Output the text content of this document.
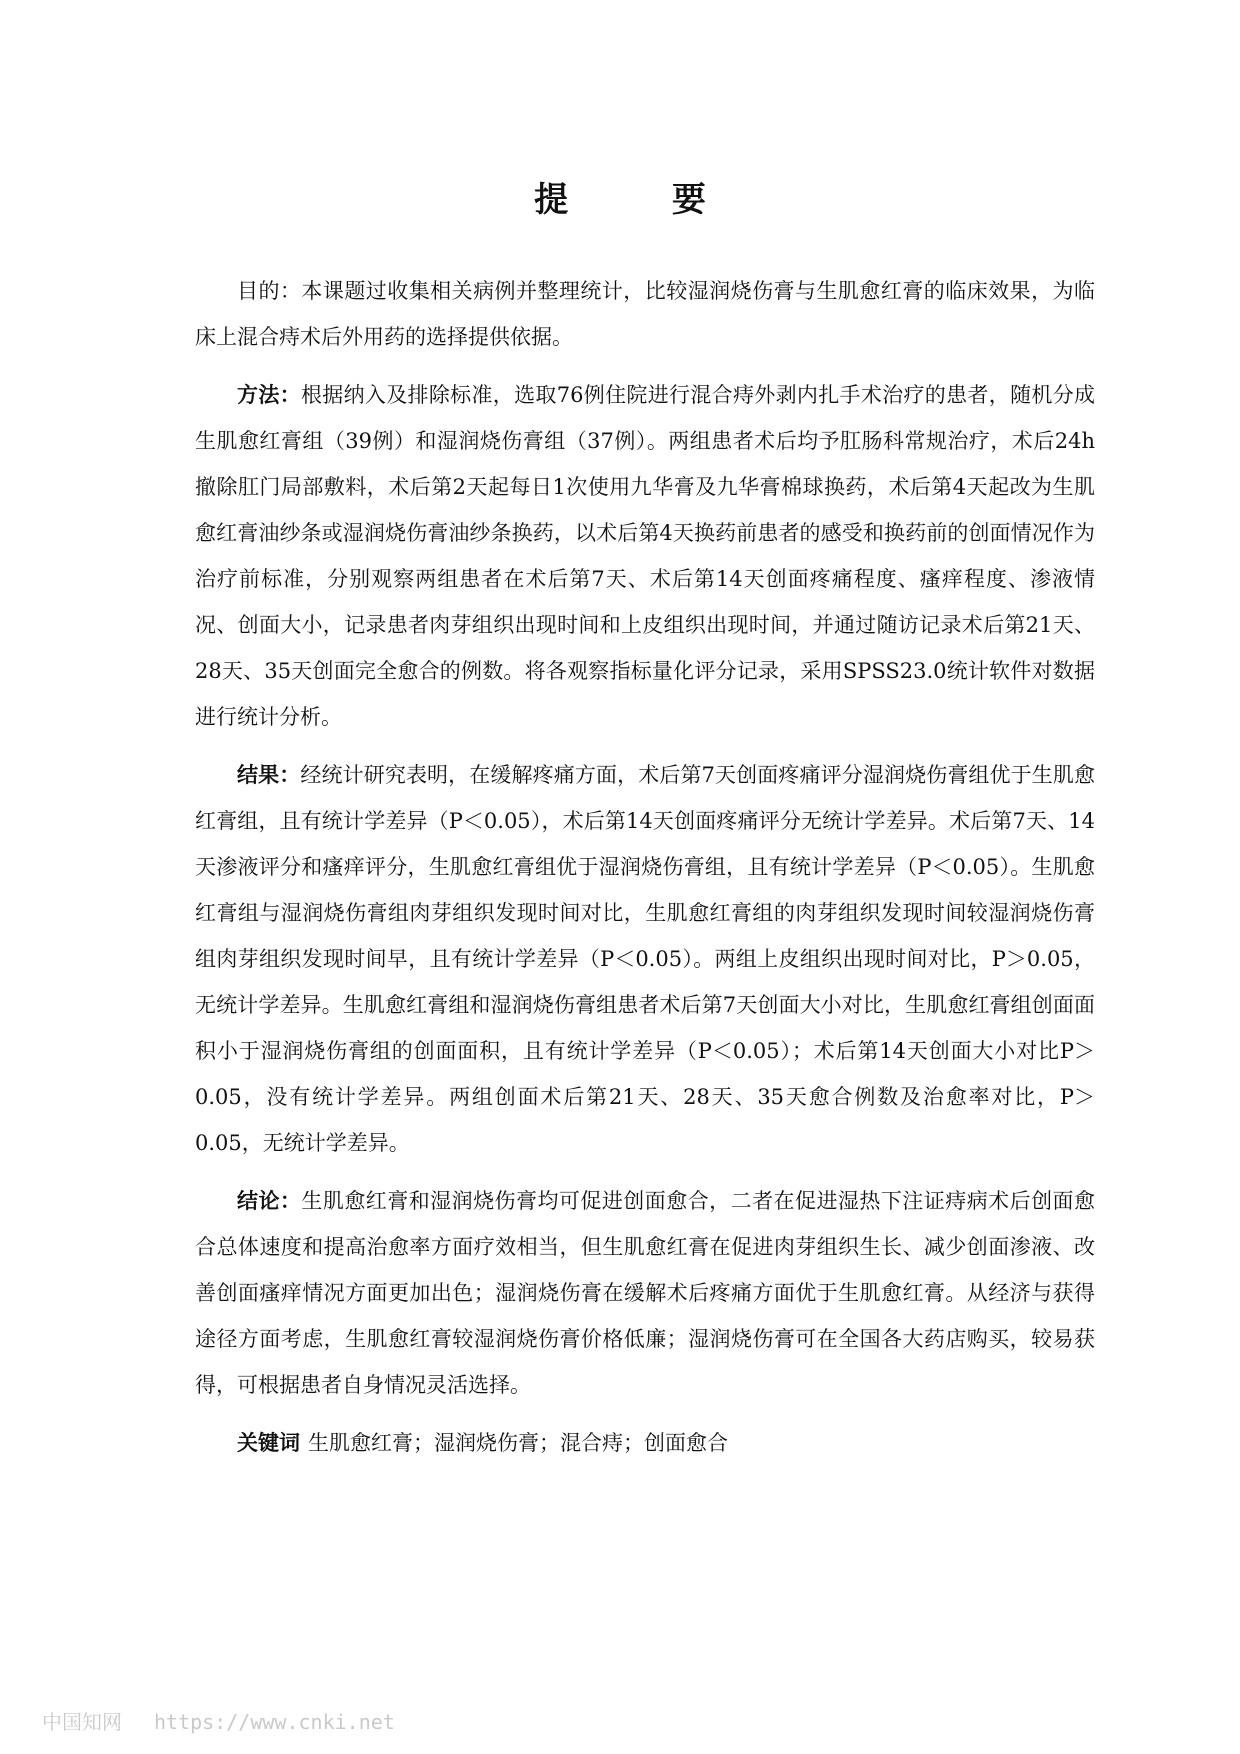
提 要

目的：本课题过收集相关病例并整理统计，比较湿润烧伤膏与生肌愈红膏的临床效果，为临床上混合痔术后外用药的选择提供依据。

方法：根据纳入及排除标准，选取76例住院进行混合痔外剥内扎手术治疗的患者，随机分成生肌愈红膏组（39例）和湿润烧伤膏组（37例）。两组患者术后均予肛肠科常规治疗，术后24h撤除肛门局部敷料，术后第2天起每日1次使用九华膏及九华膏棉球换药，术后第4天起改为生肌愈红膏油纱条或湿润烧伤膏油纱条换药，以术后第4天换药前患者的感受和换药前的创面情况作为治疗前标准，分别观察两组患者在术后第7天、术后第14天创面疼痛程度、瘙痒程度、渗液情况、创面大小，记录患者肉芽组织出现时间和上皮组织出现时间，并通过随访记录术后第21天、28天、35天创面完全愈合的例数。将各观察指标量化评分记录，采用SPSS23.0统计软件对数据进行统计分析。

结果：经统计研究表明，在缓解疼痛方面，术后第7天创面疼痛评分湿润烧伤膏组优于生肌愈红膏组，且有统计学差异（P＜0.05），术后第14天创面疼痛评分无统计学差异。术后第7天、14天渗液评分和瘙痒评分，生肌愈红膏组优于湿润烧伤膏组，且有统计学差异（P＜0.05）。生肌愈红膏组与湿润烧伤膏组肉芽组织发现时间对比，生肌愈红膏组的肉芽组织发现时间较湿润烧伤膏组肉芽组织发现时间早，且有统计学差异（P＜0.05）。两组上皮组织出现时间对比，P＞0.05，无统计学差异。生肌愈红膏组和湿润烧伤膏组患者术后第7天创面大小对比，生肌愈红膏组创面面积小于湿润烧伤膏组的创面面积，且有统计学差异（P＜0.05）；术后第14天创面大小对比P＞0.05，没有统计学差异。两组创面术后第21天、28天、35天愈合例数及治愈率对比，P＞0.05，无统计学差异。

结论：生肌愈红膏和湿润烧伤膏均可促进创面愈合，二者在促进湿热下注证痔病术后创面愈合总体速度和提高治愈率方面疗效相当，但生肌愈红膏在促进肉芽组织生长、减少创面渗液、改善创面瘙痒情况方面更加出色；湿润烧伤膏在缓解术后疼痛方面优于生肌愈红膏。从经济与获得途径方面考虑，生肌愈红膏较湿润烧伤膏价格低廉；湿润烧伤膏可在全国各大药店购买，较易获得，可根据患者自身情况灵活选择。

关键词 生肌愈红膏；湿润烧伤膏；混合痔；创面愈合

中国知网 https://www.cnki.net
